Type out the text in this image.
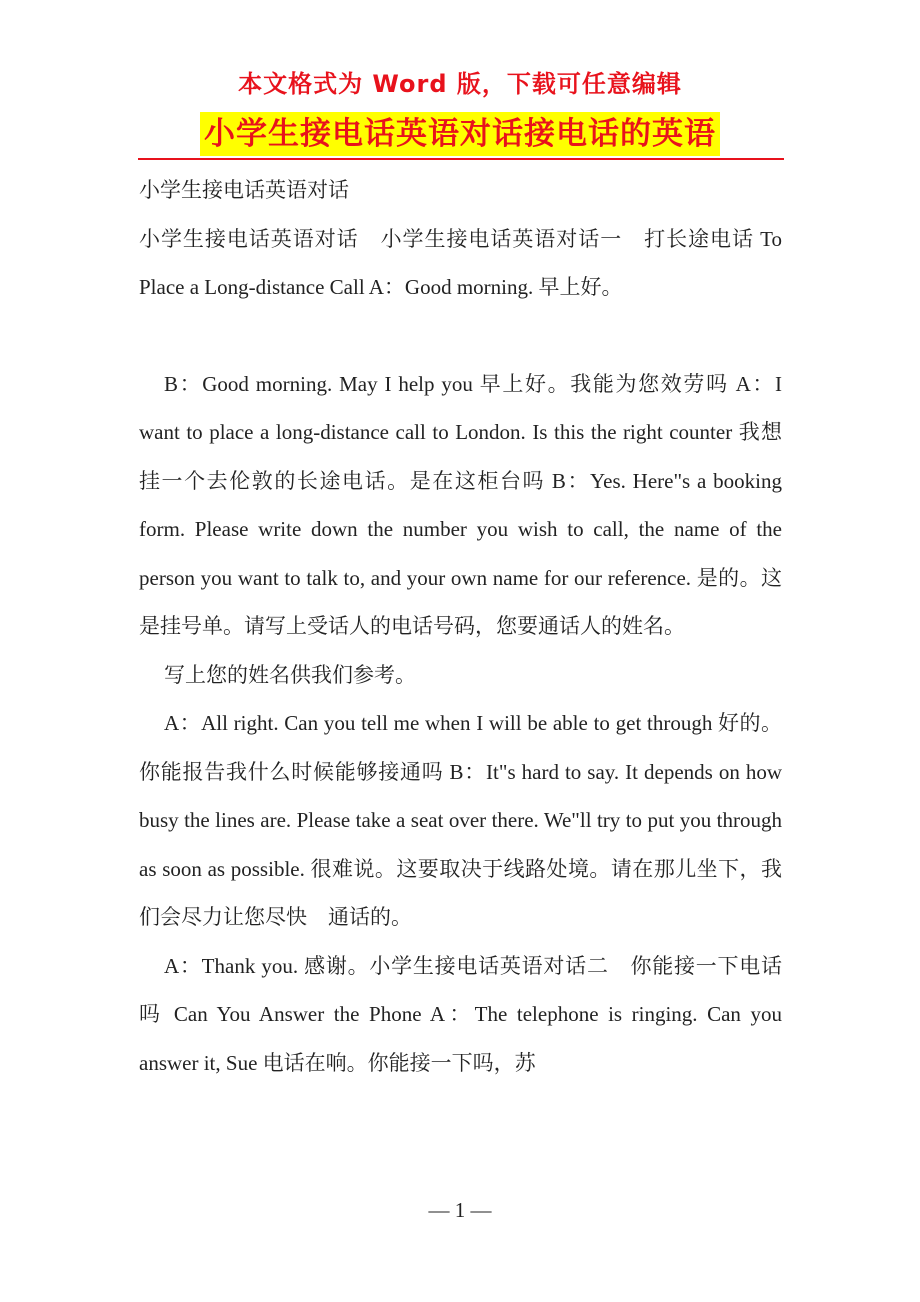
本文格式为 Word 版，下载可任意编辑
小学生接电话英语对话接电话的英语

小学生接电话英语对话

小学生接电话英语对话　小学生接电话英语对话一　打长途电话 To Place a Long-distance Call A：Good morning. 早上好。

B：Good morning. May I help you 早上好。我能为您效劳吗 A：I want to place a long-distance call to London. Is this the right counter 我想挂一个去伦敦的长途电话。是在这柜台吗 B：Yes. Here"s a booking form. Please write down the number you wish to call, the name of the person you want to talk to, and your own name for our reference. 是的。这是挂号单。请写上受话人的电话号码，您要通话人的姓名。

写上您的姓名供我们参考。

A：All right. Can you tell me when I will be able to get through 好的。你能报告我什么时候能够接通吗 B：It"s hard to say. It depends on how busy the lines are. Please take a seat over there. We"ll try to put you through as soon as possible. 很难说。这要取决于线路处境。请在那儿坐下，我们会尽力让您尽快　通话的。

A：Thank you. 感谢。小学生接电话英语对话二　你能接一下电话吗 Can You Answer the Phone A：The telephone is ringing. Can you answer it, Sue 电话在响。你能接一下吗，苏

— 1 —
